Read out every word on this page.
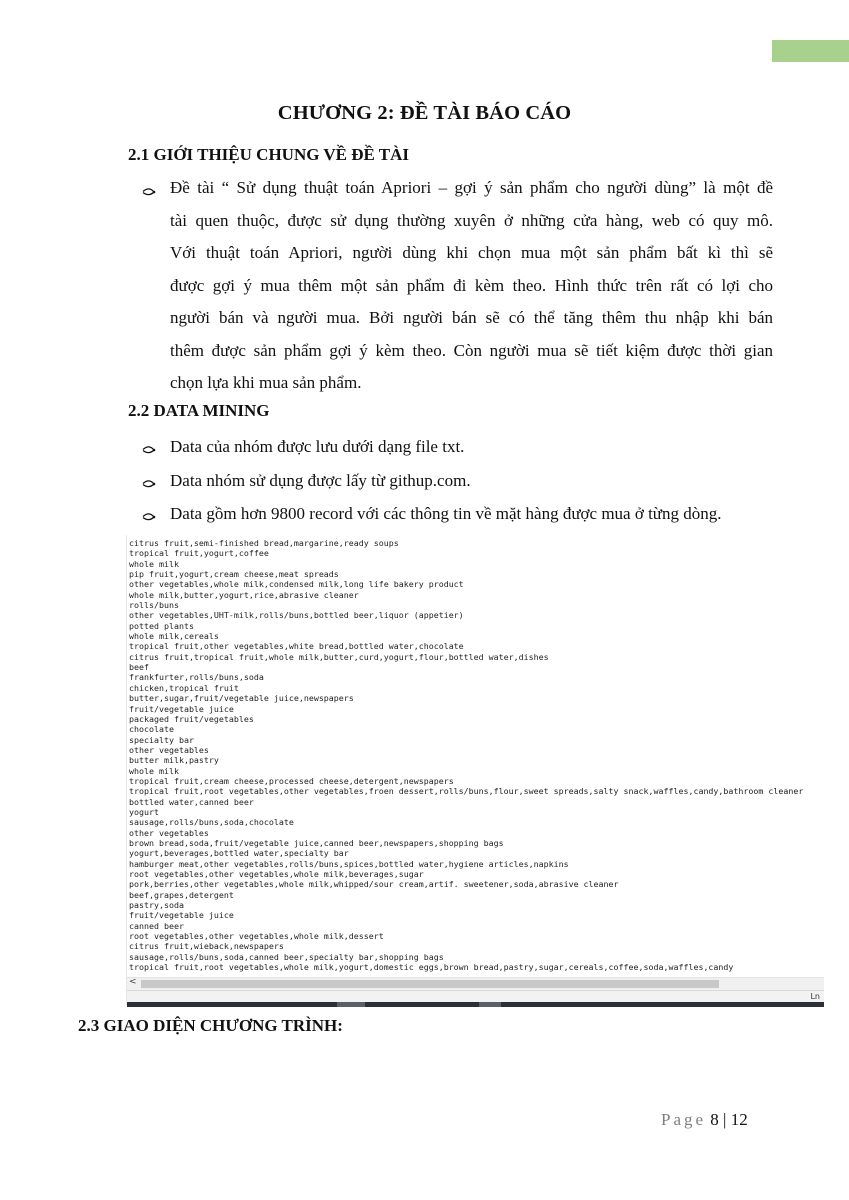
CHƯƠNG 2: ĐỀ TÀI BÁO CÁO
2.1 GIỚI THIỆU CHUNG VỀ ĐỀ TÀI
Đề tài “ Sử dụng thuật toán Apriori – gợi ý sản phẩm cho người dùng” là một đề
tài quen thuộc, được sử dụng thường xuyên ở những cửa hàng, web có quy mô.
Với thuật toán Apriori, người dùng khi chọn mua một sản phẩm bất kì thì sẽ
được gợi ý mua thêm một sản phẩm đi kèm theo. Hình thức trên rất có lợi cho
người bán và người mua. Bởi người bán sẽ có thể tăng thêm thu nhập khi bán
thêm được sản phẩm gợi ý kèm theo. Còn người mua sẽ tiết kiệm được thời gian
chọn lựa khi mua sản phẩm.
2.2 DATA MINING
Data của nhóm được lưu dưới dạng file txt.
Data nhóm sử dụng được lấy từ githup.com.
Data gồm hơn 9800 record với các thông tin về mặt hàng được mua ở từng dòng.
citrus fruit,semi-finished bread,margarine,ready soups
tropical fruit,yogurt,coffee
whole milk
pip fruit,yogurt,cream cheese,meat spreads
other vegetables,whole milk,condensed milk,long life bakery product
whole milk,butter,yogurt,rice,abrasive cleaner
rolls/buns
other vegetables,UHT-milk,rolls/buns,bottled beer,liquor (appetier)
potted plants
whole milk,cereals
tropical fruit,other vegetables,white bread,bottled water,chocolate
citrus fruit,tropical fruit,whole milk,butter,curd,yogurt,flour,bottled water,dishes
beef
frankfurter,rolls/buns,soda
chicken,tropical fruit
butter,sugar,fruit/vegetable juice,newspapers
fruit/vegetable juice
packaged fruit/vegetables
chocolate
specialty bar
other vegetables
butter milk,pastry
whole milk
tropical fruit,cream cheese,processed cheese,detergent,newspapers
tropical fruit,root vegetables,other vegetables,froen dessert,rolls/buns,flour,sweet spreads,salty snack,waffles,candy,bathroom cleaner
bottled water,canned beer
yogurt
sausage,rolls/buns,soda,chocolate
other vegetables
brown bread,soda,fruit/vegetable juice,canned beer,newspapers,shopping bags
yogurt,beverages,bottled water,specialty bar
hamburger meat,other vegetables,rolls/buns,spices,bottled water,hygiene articles,napkins
root vegetables,other vegetables,whole milk,beverages,sugar
pork,berries,other vegetables,whole milk,whipped/sour cream,artif. sweetener,soda,abrasive cleaner
beef,grapes,detergent
pastry,soda
fruit/vegetable juice
canned beer
root vegetables,other vegetables,whole milk,dessert
citrus fruit,wieback,newspapers
sausage,rolls/buns,soda,canned beer,specialty bar,shopping bags
tropical fruit,root vegetables,whole milk,yogurt,domestic eggs,brown bread,pastry,sugar,cereals,coffee,soda,waffles,candy
<
Ln
2.3 GIAO DIỆN CHƯƠNG TRÌNH:
Page 8 | 12
